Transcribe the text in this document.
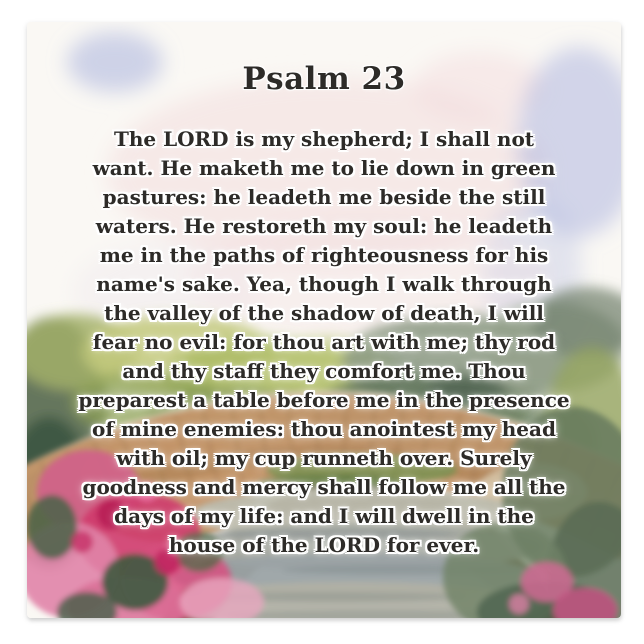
Psalm 23
The LORD is my shepherd; I shall not
want. He maketh me to lie down in green
pastures: he leadeth me beside the still
waters. He restoreth my soul: he leadeth
me in the paths of righteousness for his
name's sake. Yea, though I walk through
the valley of the shadow of death, I will
fear no evil: for thou art with me; thy rod
and thy staff they comfort me. Thou
preparest a table before me in the presence
of mine enemies: thou anointest my head
with oil; my cup runneth over. Surely
goodness and mercy shall follow me all the
days of my life: and I will dwell in the
house of the LORD for ever.
